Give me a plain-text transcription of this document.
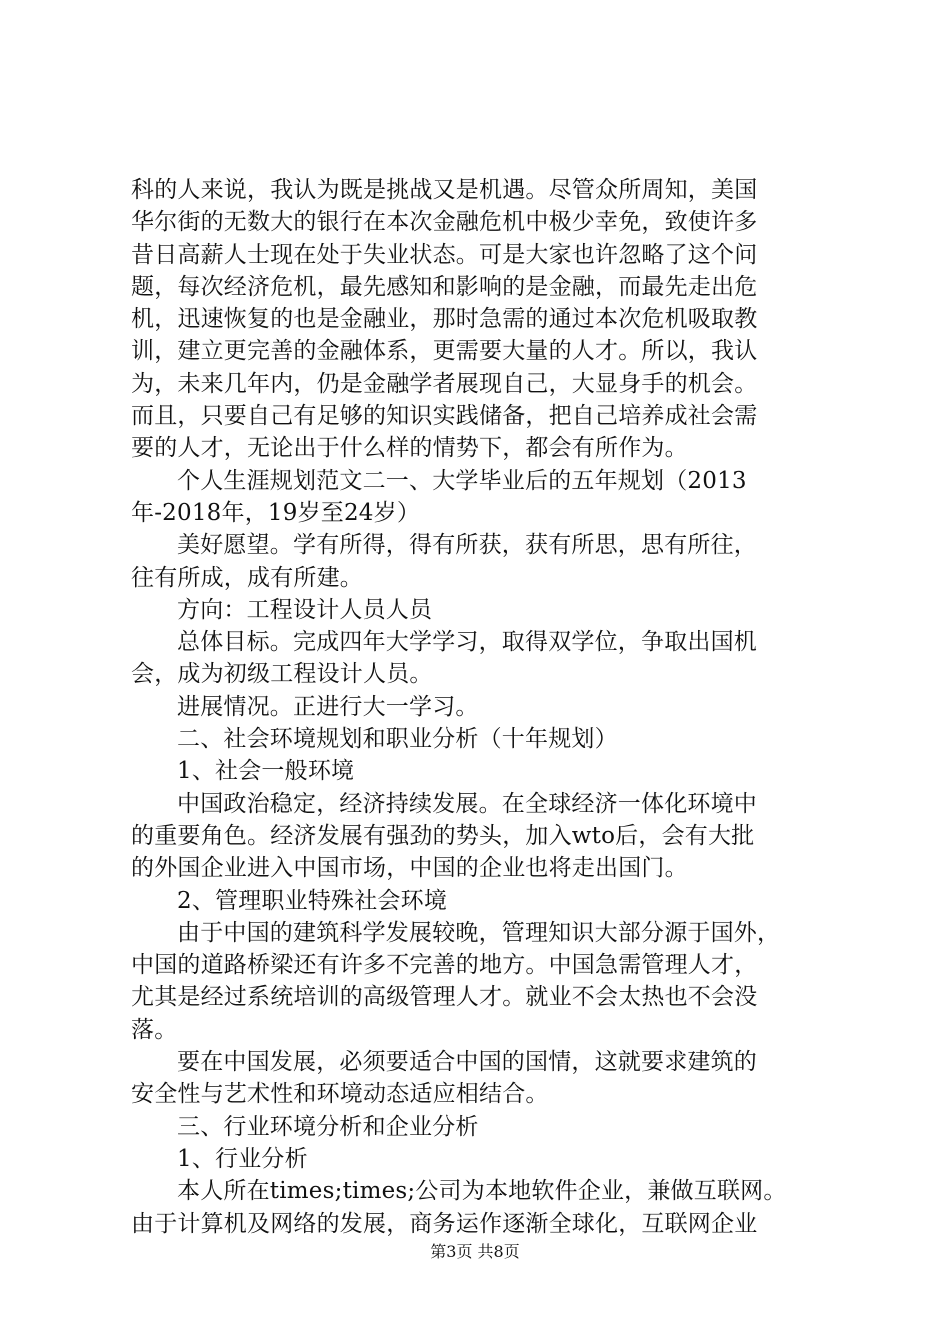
科的人来说，我认为既是挑战又是机遇。尽管众所周知，美国
华尔街的无数大的银行在本次金融危机中极少幸免，致使许多
昔日高薪人士现在处于失业状态。可是大家也许忽略了这个问
题，每次经济危机，最先感知和影响的是金融，而最先走出危
机，迅速恢复的也是金融业，那时急需的通过本次危机吸取教
训，建立更完善的金融体系，更需要大量的人才。所以，我认
为，未来几年内，仍是金融学者展现自己，大显身手的机会。
而且，只要自己有足够的知识实践储备，把自己培养成社会需
要的人才，无论出于什么样的情势下，都会有所作为。
个人生涯规划范文二一、大学毕业后的五年规划（2013
年-2018年，19岁至24岁）
美好愿望。学有所得，得有所获，获有所思，思有所往，
往有所成，成有所建。
方向：工程设计人员人员
总体目标。完成四年大学学习，取得双学位，争取出国机
会，成为初级工程设计人员。
进展情况。正进行大一学习。
二、社会环境规划和职业分析（十年规划）
1、社会一般环境
中国政治稳定，经济持续发展。在全球经济一体化环境中
的重要角色。经济发展有强劲的势头，加入wto后，会有大批
的外国企业进入中国市场，中国的企业也将走出国门。
2、管理职业特殊社会环境
由于中国的建筑科学发展较晚，管理知识大部分源于国外，
中国的道路桥梁还有许多不完善的地方。中国急需管理人才，
尤其是经过系统培训的高级管理人才。就业不会太热也不会没
落。
要在中国发展，必须要适合中国的国情，这就要求建筑的
安全性与艺术性和环境动态适应相结合。
三、行业环境分析和企业分析
1、行业分析
本人所在times;times;公司为本地软件企业，兼做互联网。
由于计算机及网络的发展，商务运作逐渐全球化，互联网企业
第3页 共8页
